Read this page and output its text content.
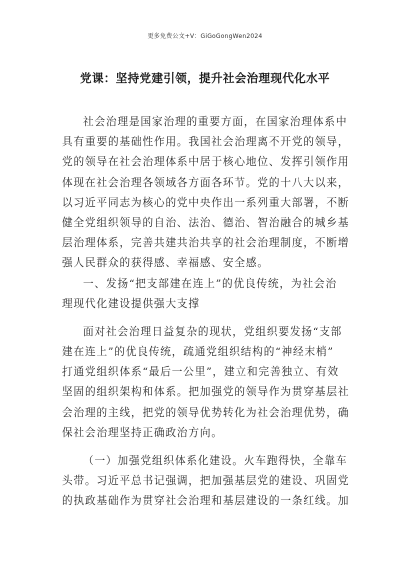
更多免费公文+V：GiGoGongWen2024
党课：坚持党建引领，提升社会治理现代化水平
社会治理是国家治理的重要方面，在国家治理体系中
具有重要的基础性作用。我国社会治理离不开党的领导，
党的领导在社会治理体系中居于核心地位、发挥引领作用
体现在社会治理各领域各方面各环节。党的十八大以来，
以习近平同志为核心的党中央作出一系列重大部署，不断
健全党组织领导的自治、法治、德治、智治融合的城乡基
层治理体系，完善共建共治共享的社会治理制度，不断增
强人民群众的获得感、幸福感、安全感。
一、发扬“把支部建在连上”的优良传统，为社会治
理现代化建设提供强大支撑
面对社会治理日益复杂的现状，党组织要发扬“支部
建在连上”的优良传统，疏通党组织结构的“神经末梢”
打通党组织体系“最后一公里”，建立和完善独立、有效
坚固的组织架构和体系。把加强党的领导作为贯穿基层社
会治理的主线，把党的领导优势转化为社会治理优势，确
保社会治理坚持正确政治方向。
（一）加强党组织体系化建设。火车跑得快，全靠车
头带。习近平总书记强调，把加强基层党的建设、巩固党
的执政基础作为贯穿社会治理和基层建设的一条红线。加
